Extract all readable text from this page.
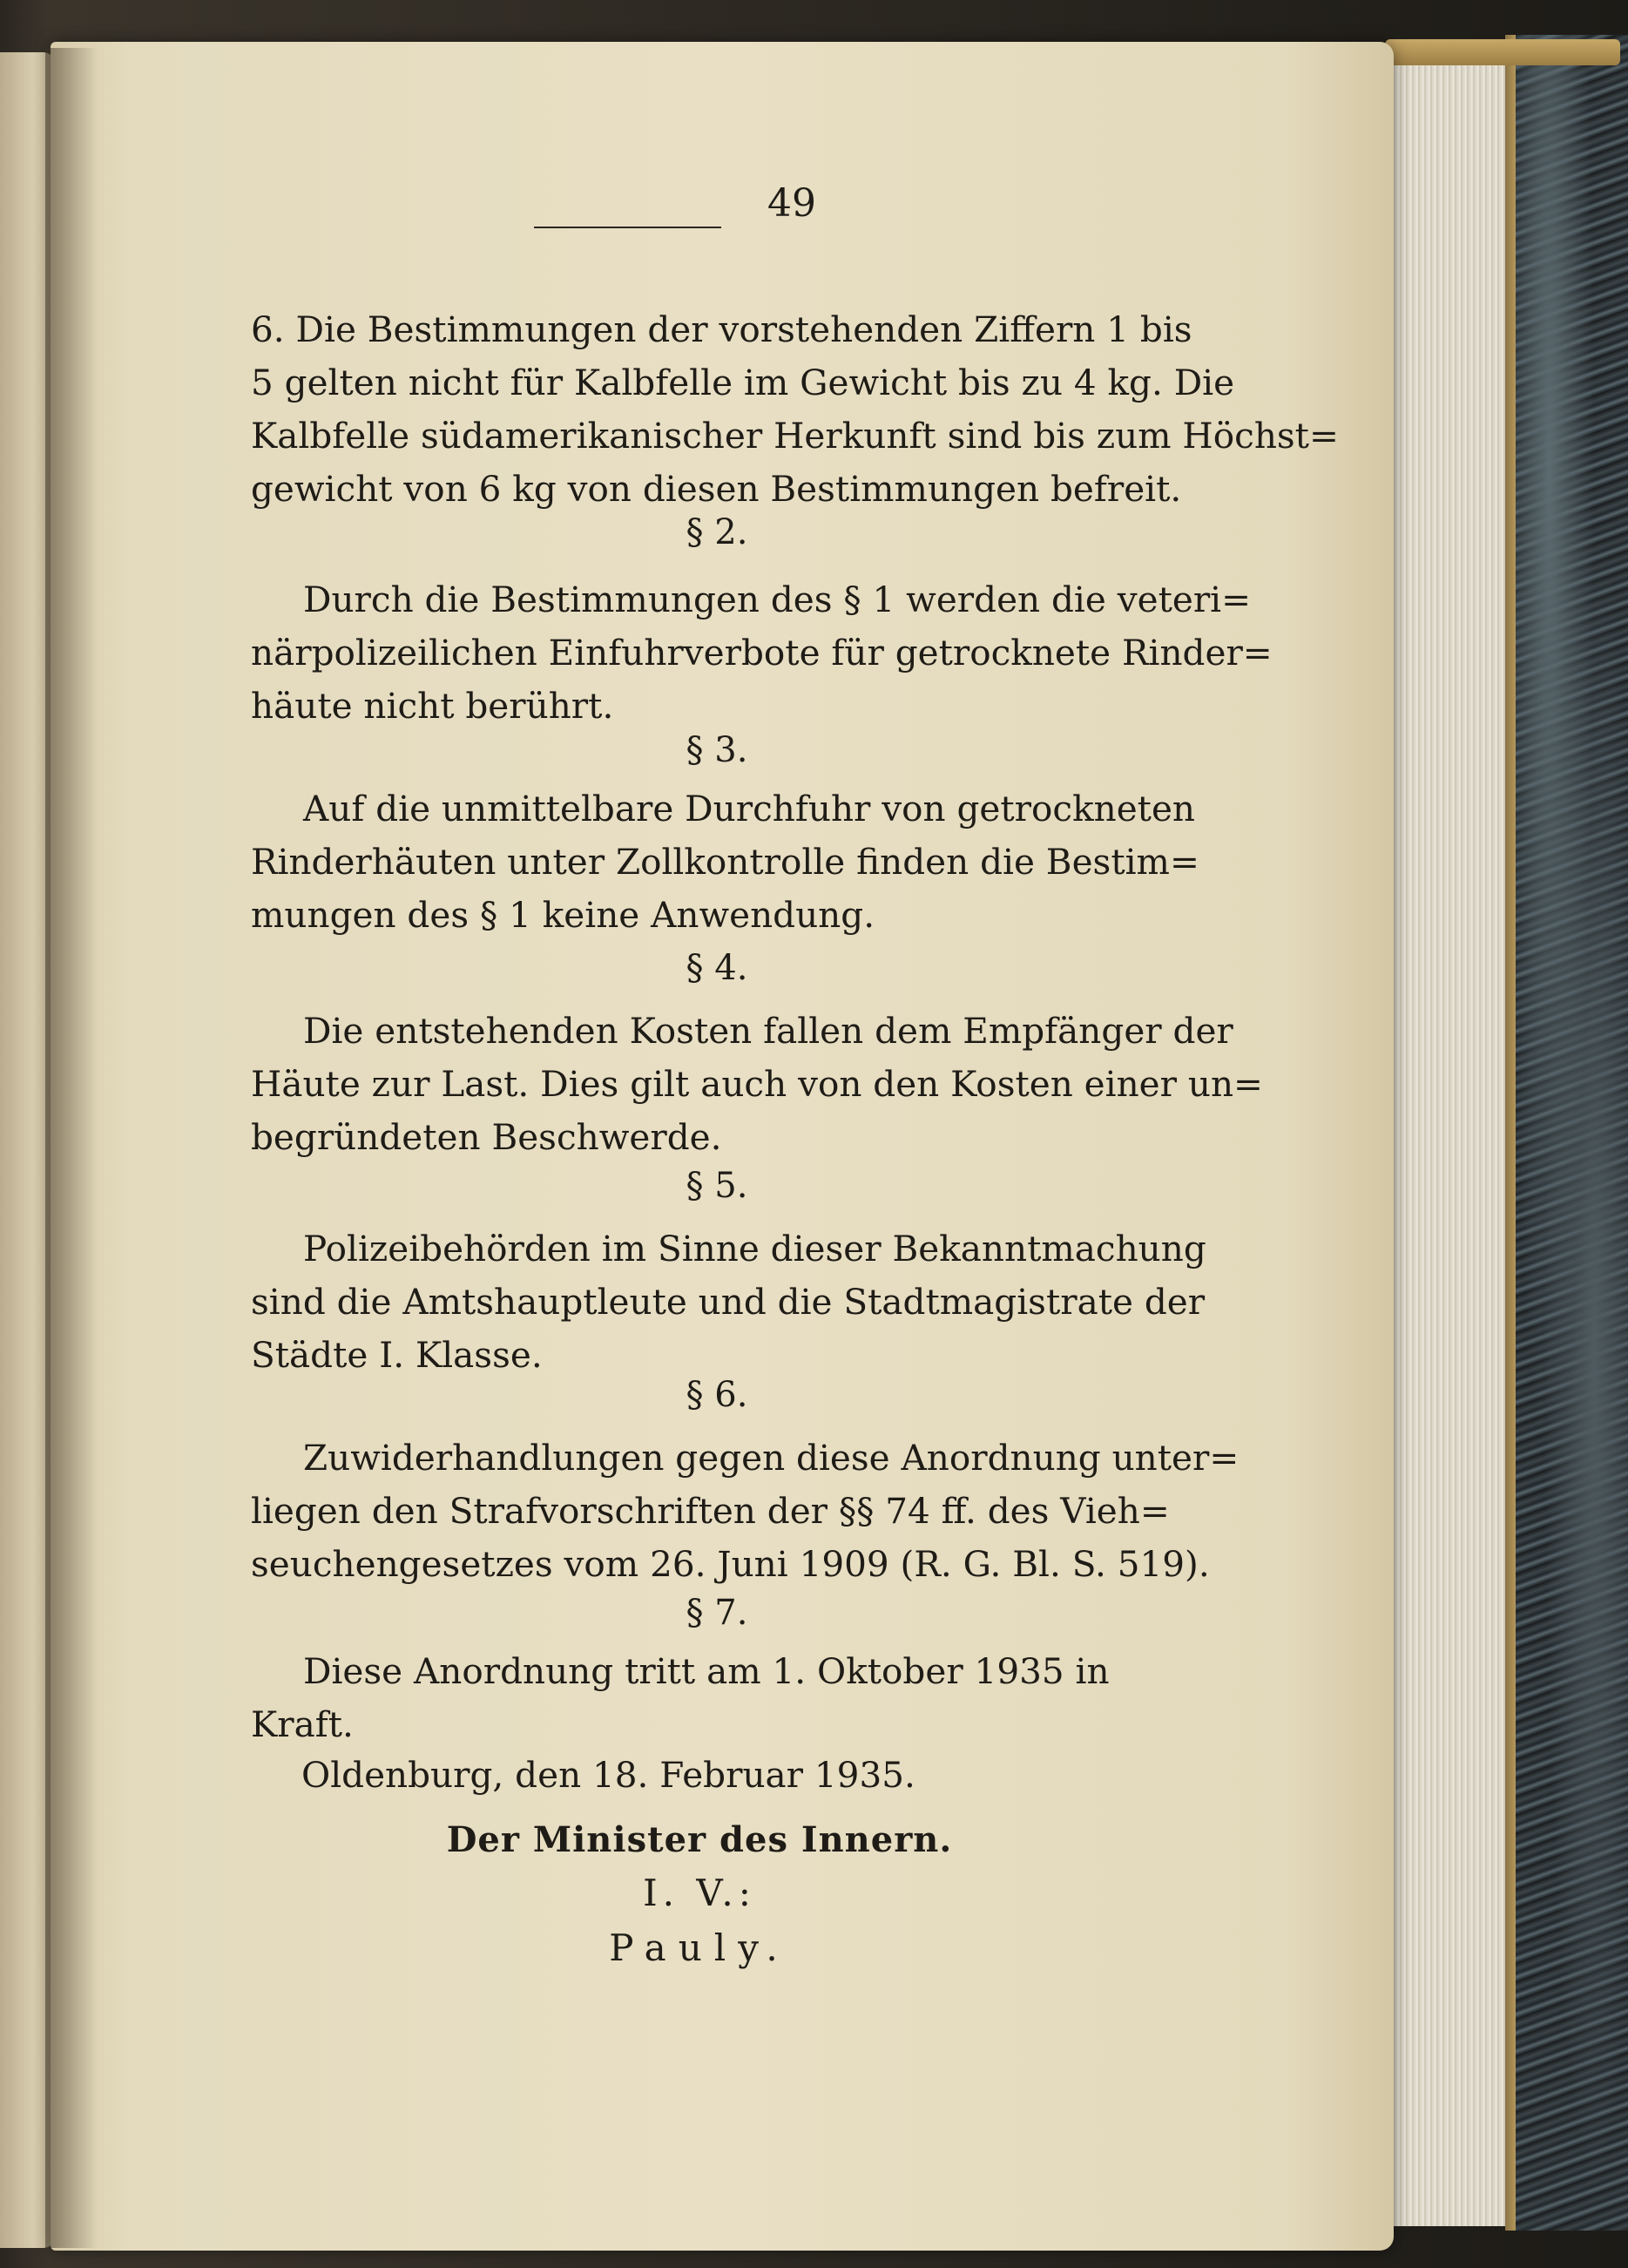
49
6. Die Bestimmungen der vorstehenden Ziffern 1 bis
5 gelten nicht für Kalbfelle im Gewicht bis zu 4 kg. Die
Kalbfelle südamerikanischer Herkunft sind bis zum Höchst=
gewicht von 6 kg von diesen Bestimmungen befreit.
§ 2.
Durch die Bestimmungen des § 1 werden die veteri=
närpolizeilichen Einfuhrverbote für getrocknete Rinder=
häute nicht berührt.
§ 3.
Auf die unmittelbare Durchfuhr von getrockneten
Rinderhäuten unter Zollkontrolle finden die Bestim=
mungen des § 1 keine Anwendung.
§ 4.
Die entstehenden Kosten fallen dem Empfänger der
Häute zur Last. Dies gilt auch von den Kosten einer un=
begründeten Beschwerde.
§ 5.
Polizeibehörden im Sinne dieser Bekanntmachung
sind die Amtshauptleute und die Stadtmagistrate der
Städte I. Klasse.
§ 6.
Zuwiderhandlungen gegen diese Anordnung unter=
liegen den Strafvorschriften der §§ 74 ff. des Vieh=
seuchengesetzes vom 26. Juni 1909 (R. G. Bl. S. 519).
§ 7.
Diese Anordnung tritt am 1. Oktober 1935 in
Kraft.
Oldenburg, den 18. Februar 1935.
Der Minister des Innern.
I. V.:
Pauly.
